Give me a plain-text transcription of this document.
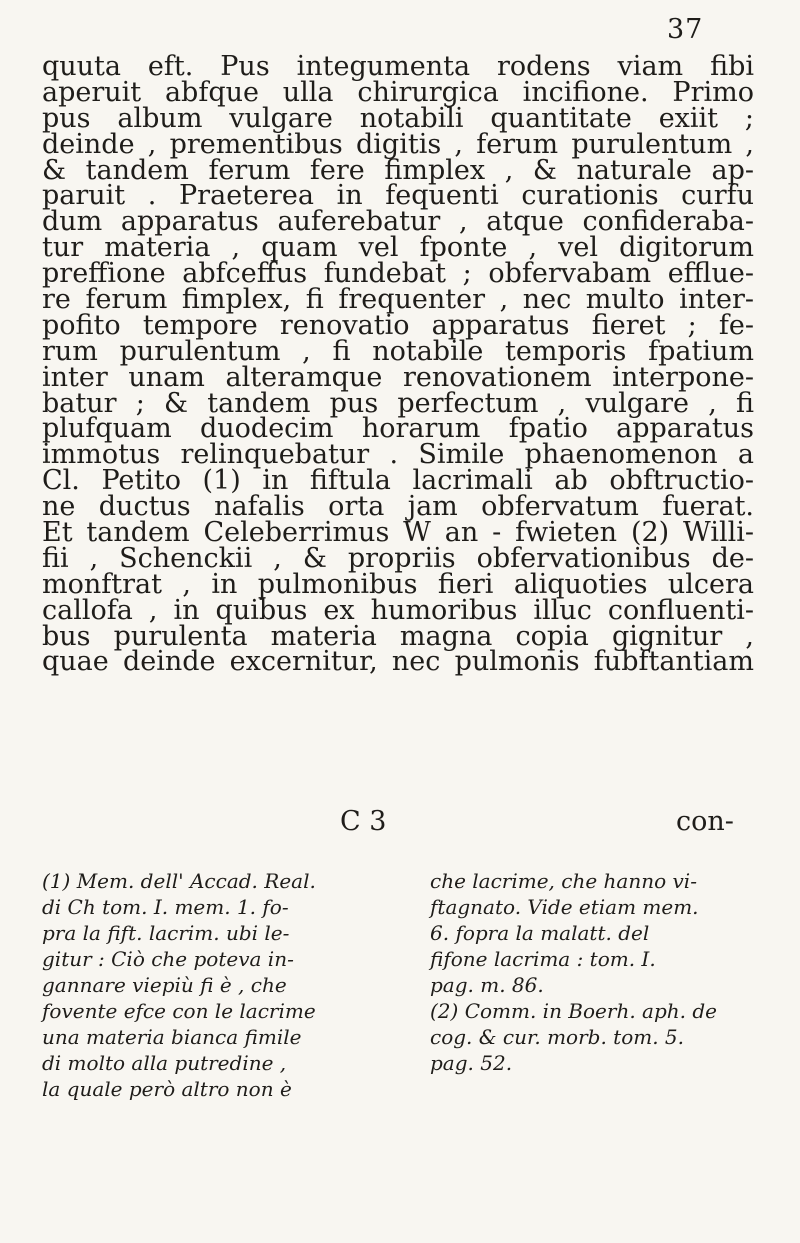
37
quuta eft. Pus integumenta rodens viam fibi
aperuit abfque ulla chirurgica incifione. Primo
pus album vulgare notabili quantitate exiit ;
deinde , prementibus digitis , ferum purulentum ,
& tandem ferum fere fimplex , & naturale ap-
paruit . Praeterea in fequenti curationis curfu
dum apparatus auferebatur , atque confideraba-
tur materia , quam vel fponte , vel digitorum
preffione abfceffus fundebat ; obfervabam efflue-
re ferum fimplex, fi frequenter , nec multo inter-
pofito tempore renovatio apparatus fieret ; fe-
rum purulentum , fi notabile temporis fpatium
inter unam alteramque renovationem interpone-
batur ; & tandem pus perfectum , vulgare , fi
plufquam duodecim horarum fpatio apparatus
immotus relinquebatur . Simile phaenomenon a
Cl. Petito (1) in fiftula lacrimali ab obftructio-
ne ductus nafalis orta jam obfervatum fuerat.
Et tandem Celeberrimus W an - fwieten (2) Willi-
fii , Schenckii , & propriis obfervationibus de-
monftrat , in pulmonibus fieri aliquoties ulcera
callofa , in quibus ex humoribus illuc confluenti-
bus purulenta materia magna copia gignitur ,
quae deinde excernitur, nec pulmonis fubftantiam
C 3	con-
(1) Mem. dell' Accad. Real.
di Ch tom. I. mem. 1. fo-
pra la fift. lacrim. ubi le-
gitur : Ciò che poteva in-
gannare viepiù fi è , che
fovente efce con le lacrime
una materia bianca fimile
di molto alla putredine ,
la quale però altro non è
che lacrime, che hanno vi-
ftagnato. Vide etiam mem.
6. fopra la malatt. del
fifone lacrima : tom. I.
pag. m. 86.
(2) Comm. in Boerh. aph. de
cog. & cur. morb. tom. 5.
pag. 52.
